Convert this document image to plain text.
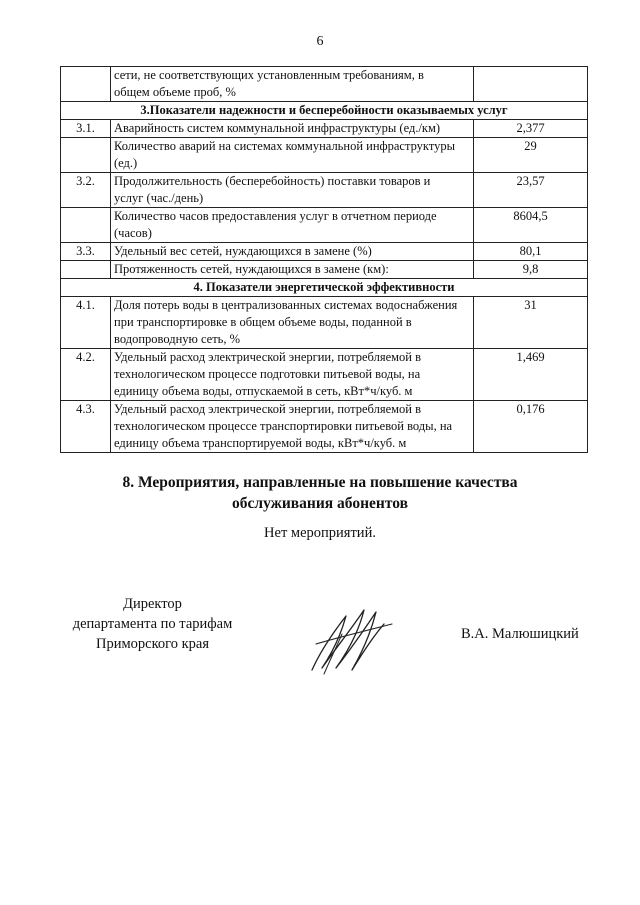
6

	сети, не соответствующих установленным требованиям, в
общем объеме проб, %	

3.Показатели надежности и бесперебойности оказываемых услуг		
3.1.	Аварийность систем коммунальной инфраструктуры (ед./км)	2,377

	Количество аварий на системах коммунальной инфраструктуры
(ед.)	29
3.2.	Продолжительность (бесперебойность) поставки товаров и
услуг (час./день)	23,57

	Количество часов предоставления услуг в отчетном периоде
(часов)	8604,5
3.3.	Удельный вес сетей, нуждающихся в замене (%)	80,1

	Протяженность сетей, нуждающихся в замене (км):	9,8
4. Показатели энергетической эффективности		
4.1.	Доля потерь воды в централизованных системах водоснабжения
при транспортировке в общем объеме воды, поданной в
водопроводную сеть, %	31
4.2.	Удельный расход электрической энергии, потребляемой в
технологическом процессе подготовки питьевой воды, на
единицу объема воды, отпускаемой в сеть, кВт*ч/куб. м	1,469
4.3.	Удельный расход электрической энергии, потребляемой в
технологическом процессе транспортировки питьевой воды, на
единицу объема транспортируемой воды, кВт*ч/куб. м	0,176
8. Мероприятия, направленные на повышение качества
обслуживания абонентов
Нет мероприятий.
Директор
департамента по тарифам
Приморского края
В.А. Малюшицкий
